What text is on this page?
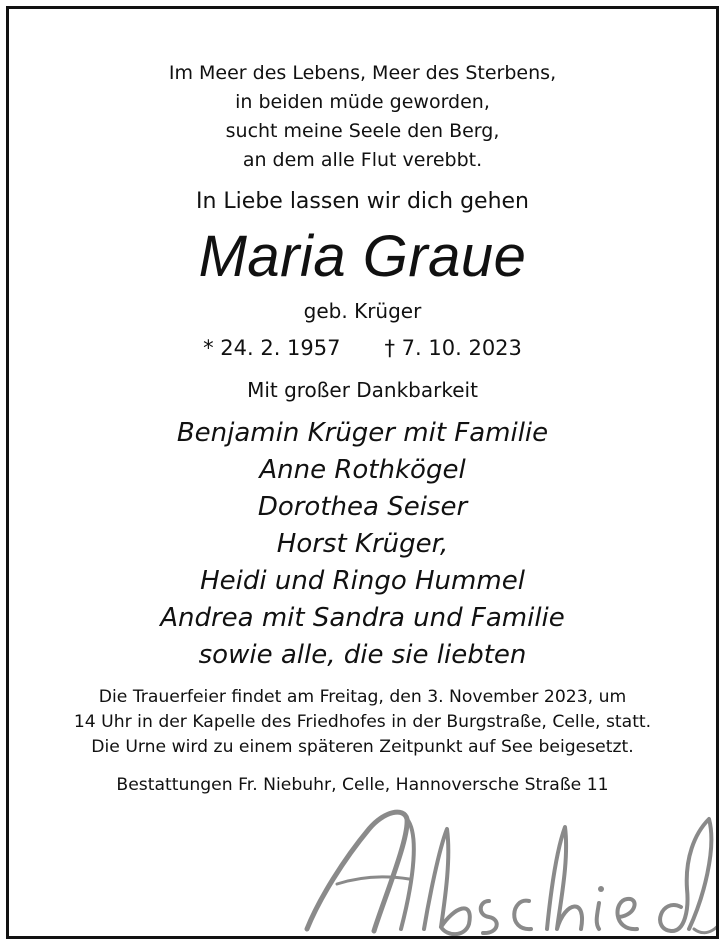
Im Meer des Lebens, Meer des Sterbens,
in beiden müde geworden,
sucht meine Seele den Berg,
an dem alle Flut verebbt.
In Liebe lassen wir dich gehen
Maria Graue
geb. Krüger
* 24. 2. 1957 † 7. 10. 2023
Mit großer Dankbarkeit
Benjamin Krüger mit Familie
Anne Rothkögel
Dorothea Seiser
Horst Krüger,
Heidi und Ringo Hummel
Andrea mit Sandra und Familie
sowie alle, die sie liebten
Die Trauerfeier findet am Freitag, den 3. November 2023, um
14 Uhr in der Kapelle des Friedhofes in der Burgstraße, Celle, statt.
Die Urne wird zu einem späteren Zeitpunkt auf See beigesetzt.
Bestattungen Fr. Niebuhr, Celle, Hannoversche Straße 11
